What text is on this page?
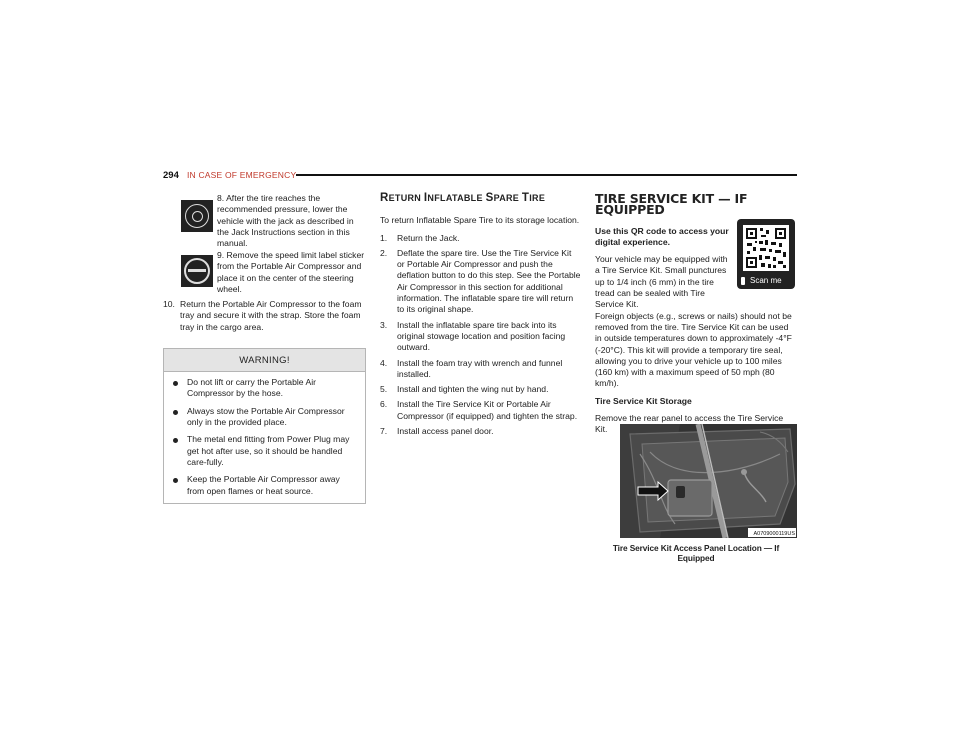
294 IN CASE OF EMERGENCY
8. After the tire reaches the recommended pressure, lower the vehicle with the jack as described in the Jack Instructions section in this manual.
9. Remove the speed limit label sticker from the Portable Air Compressor and place it on the center of the steering wheel.
10. Return the Portable Air Compressor to the foam tray and secure it with the strap. Store the foam tray in the cargo area.
WARNING!
Do not lift or carry the Portable Air Compressor by the hose.
Always stow the Portable Air Compressor only in the provided place.
The metal end fitting from Power Plug may get hot after use, so it should be handled care-fully.
Keep the Portable Air Compressor away from open flames or heat source.
RETURN INFLATABLE SPARE TIRE

To return Inflatable Spare Tire to its storage location.

1. Return the Jack.
2. Deflate the spare tire. Use the Tire Service Kit or Portable Air Compressor and push the deflation button to do this step. See the Portable Air Compressor in this section for additional information. The inflatable spare tire will return to its original shape.
3. Install the inflatable spare tire back into its original stowage location and position facing outward.
4. Install the foam tray with wrench and funnel installed.
5. Install and tighten the wing nut by hand.
6. Install the Tire Service Kit or Portable Air Compressor (if equipped) and tighten the strap.
7. Install access panel door.
TIRE SERVICE KIT — IF EQUIPPED
Use this QR code to access your digital experience.

Your vehicle may be equipped with a Tire Service Kit. Small punctures up to 1/4 inch (6 mm) in the tire tread can be sealed with Tire Service Kit.

Foreign objects (e.g., screws or nails) should not be removed from the tire. Tire Service Kit can be used in outside temperatures down to approximately -4°F (-20°C). This kit will provide a temporary tire seal, allowing you to drive your vehicle up to 100 miles (160 km) with a maximum speed of 50 mph (80 km/h).

Tire Service Kit Storage

Remove the rear panel to access the Tire Service Kit.

Scan me
A0709000119US
Tire Service Kit Access Panel Location — If Equipped
